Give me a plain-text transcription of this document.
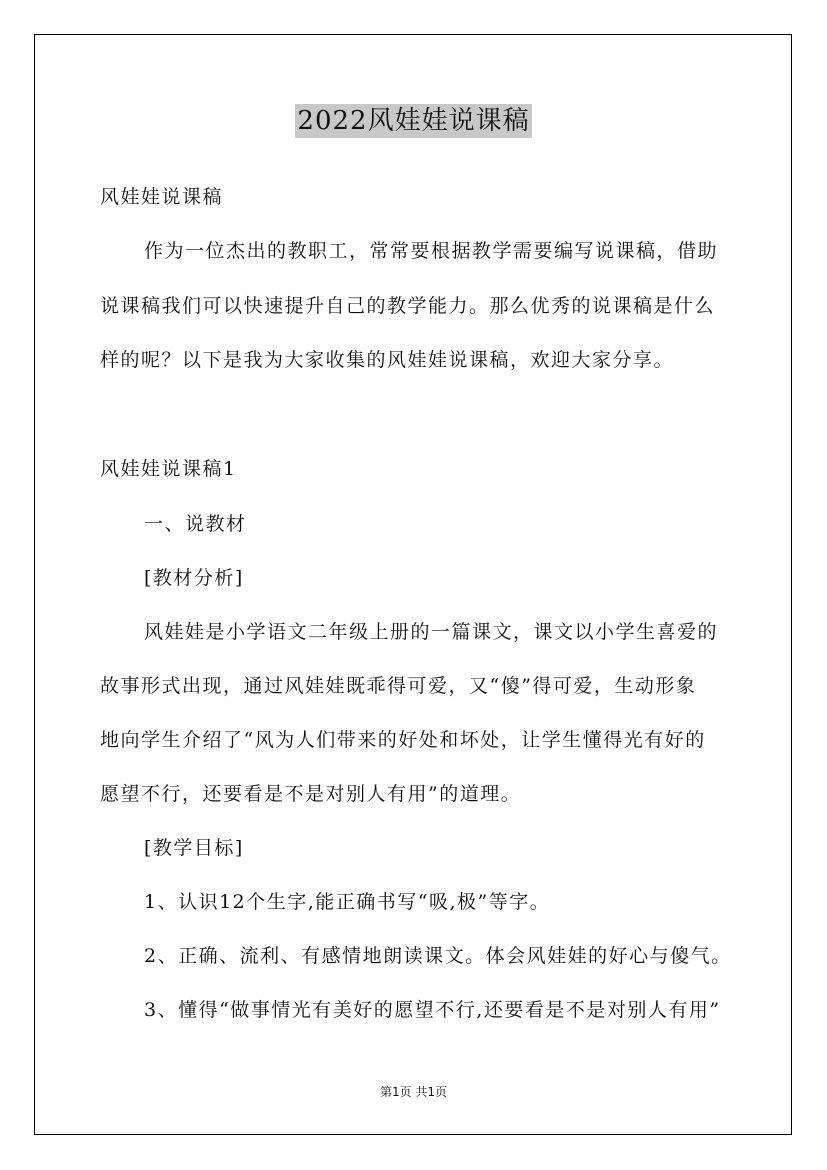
2022风娃娃说课稿
风娃娃说课稿
作为一位杰出的教职工，常常要根据教学需要编写说课稿，借助
说课稿我们可以快速提升自己的教学能力。那么优秀的说课稿是什么
样的呢？以下是我为大家收集的风娃娃说课稿，欢迎大家分享。
风娃娃说课稿1
一、说教材
[教材分析]
风娃娃是小学语文二年级上册的一篇课文，课文以小学生喜爱的
故事形式出现，通过风娃娃既乖得可爱，又“傻”得可爱，生动形象
地向学生介绍了“风为人们带来的好处和坏处，让学生懂得光有好的
愿望不行，还要看是不是对别人有用”的道理。
[教学目标]
1、认识12个生字,能正确书写“吸,极”等字。
2、正确、流利、有感情地朗读课文。体会风娃娃的好心与傻气。
3、懂得“做事情光有美好的愿望不行,还要看是不是对别人有用”
第1页 共1页
